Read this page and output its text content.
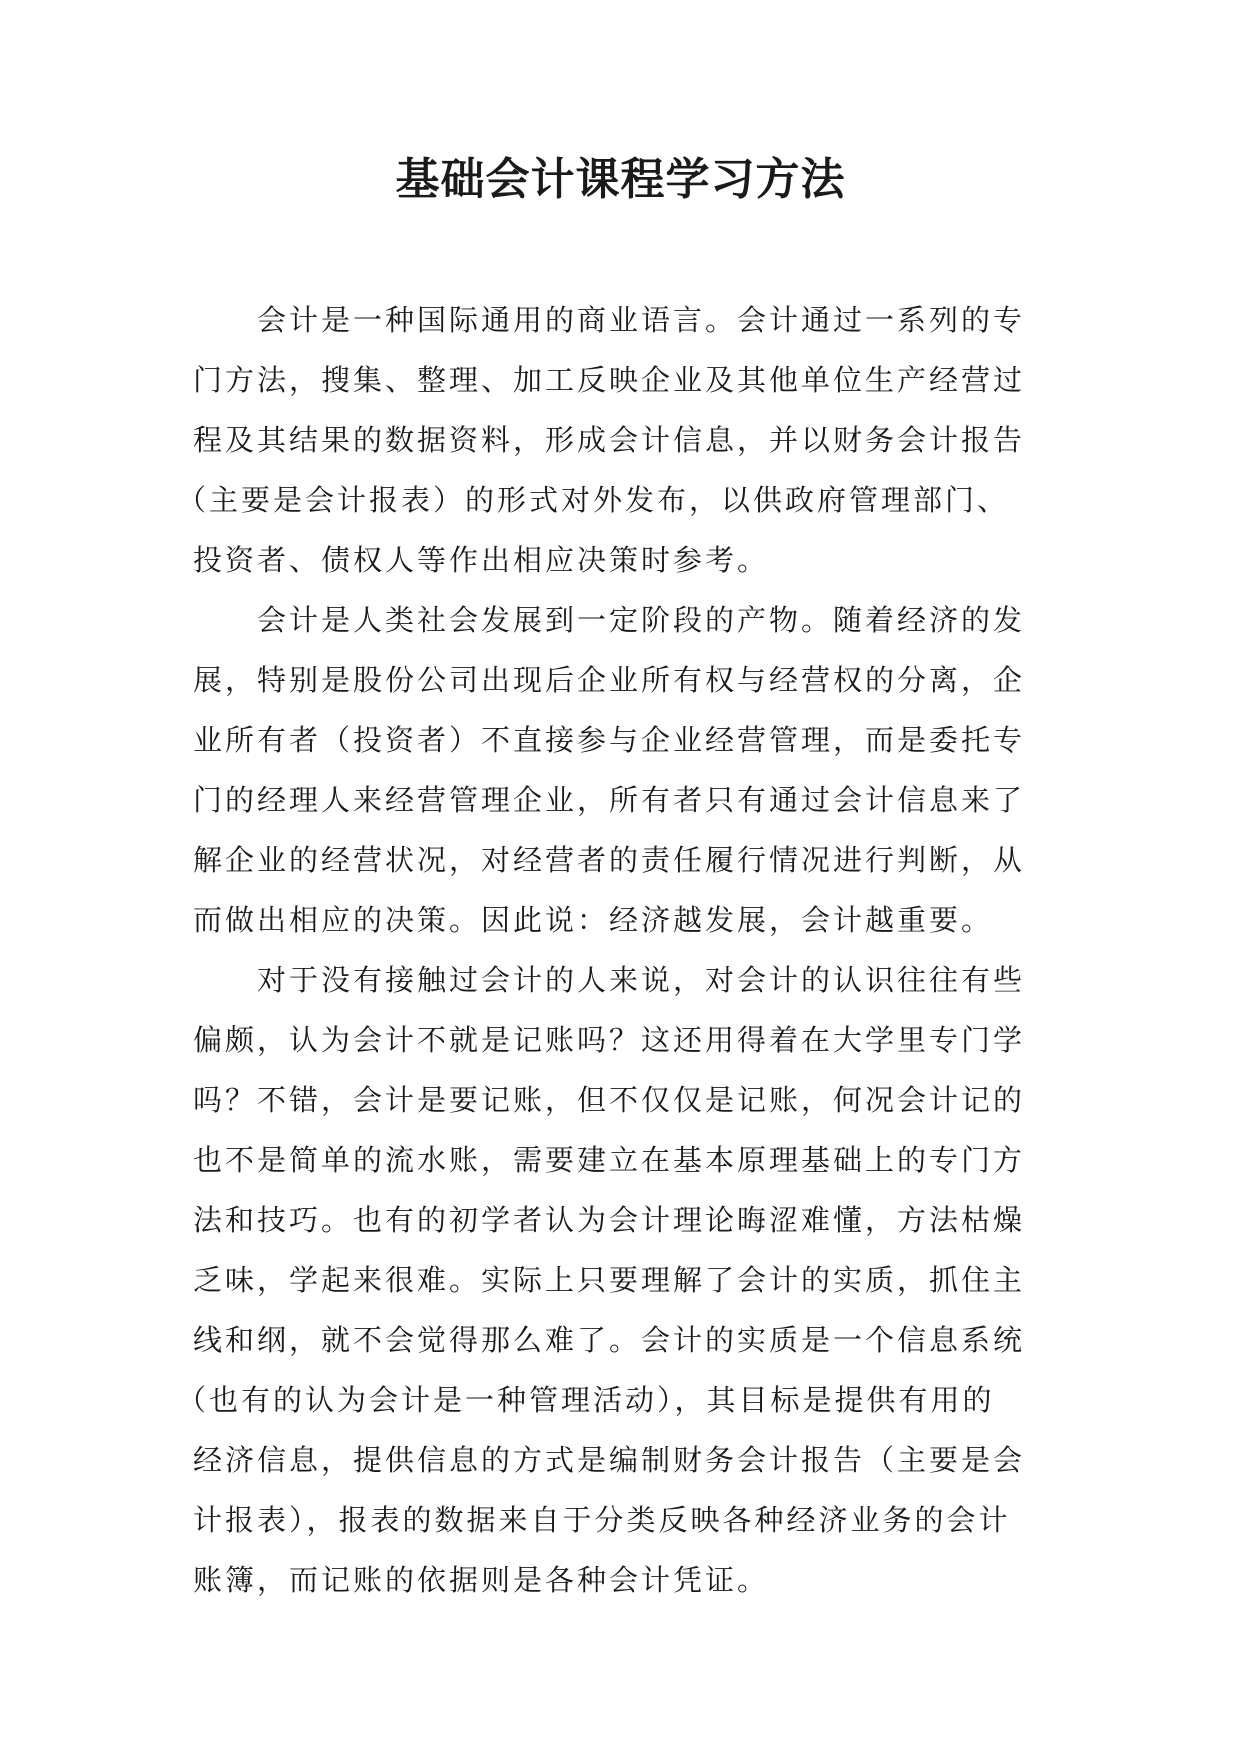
基础会计课程学习方法
会计是一种国际通用的商业语言。会计通过一系列的专
门方法，搜集、整理、加工反映企业及其他单位生产经营过
程及其结果的数据资料，形成会计信息，并以财务会计报告
（主要是会计报表）的形式对外发布，以供政府管理部门、
投资者、债权人等作出相应决策时参考。
会计是人类社会发展到一定阶段的产物。随着经济的发
展，特别是股份公司出现后企业所有权与经营权的分离，企
业所有者（投资者）不直接参与企业经营管理，而是委托专
门的经理人来经营管理企业，所有者只有通过会计信息来了
解企业的经营状况，对经营者的责任履行情况进行判断，从
而做出相应的决策。因此说：经济越发展，会计越重要。
对于没有接触过会计的人来说，对会计的认识往往有些
偏颇，认为会计不就是记账吗？这还用得着在大学里专门学
吗？不错，会计是要记账，但不仅仅是记账，何况会计记的
也不是简单的流水账，需要建立在基本原理基础上的专门方
法和技巧。也有的初学者认为会计理论晦涩难懂，方法枯燥
乏味，学起来很难。实际上只要理解了会计的实质，抓住主
线和纲，就不会觉得那么难了。会计的实质是一个信息系统
（也有的认为会计是一种管理活动），其目标是提供有用的
经济信息，提供信息的方式是编制财务会计报告（主要是会
计报表），报表的数据来自于分类反映各种经济业务的会计
账簿，而记账的依据则是各种会计凭证。
